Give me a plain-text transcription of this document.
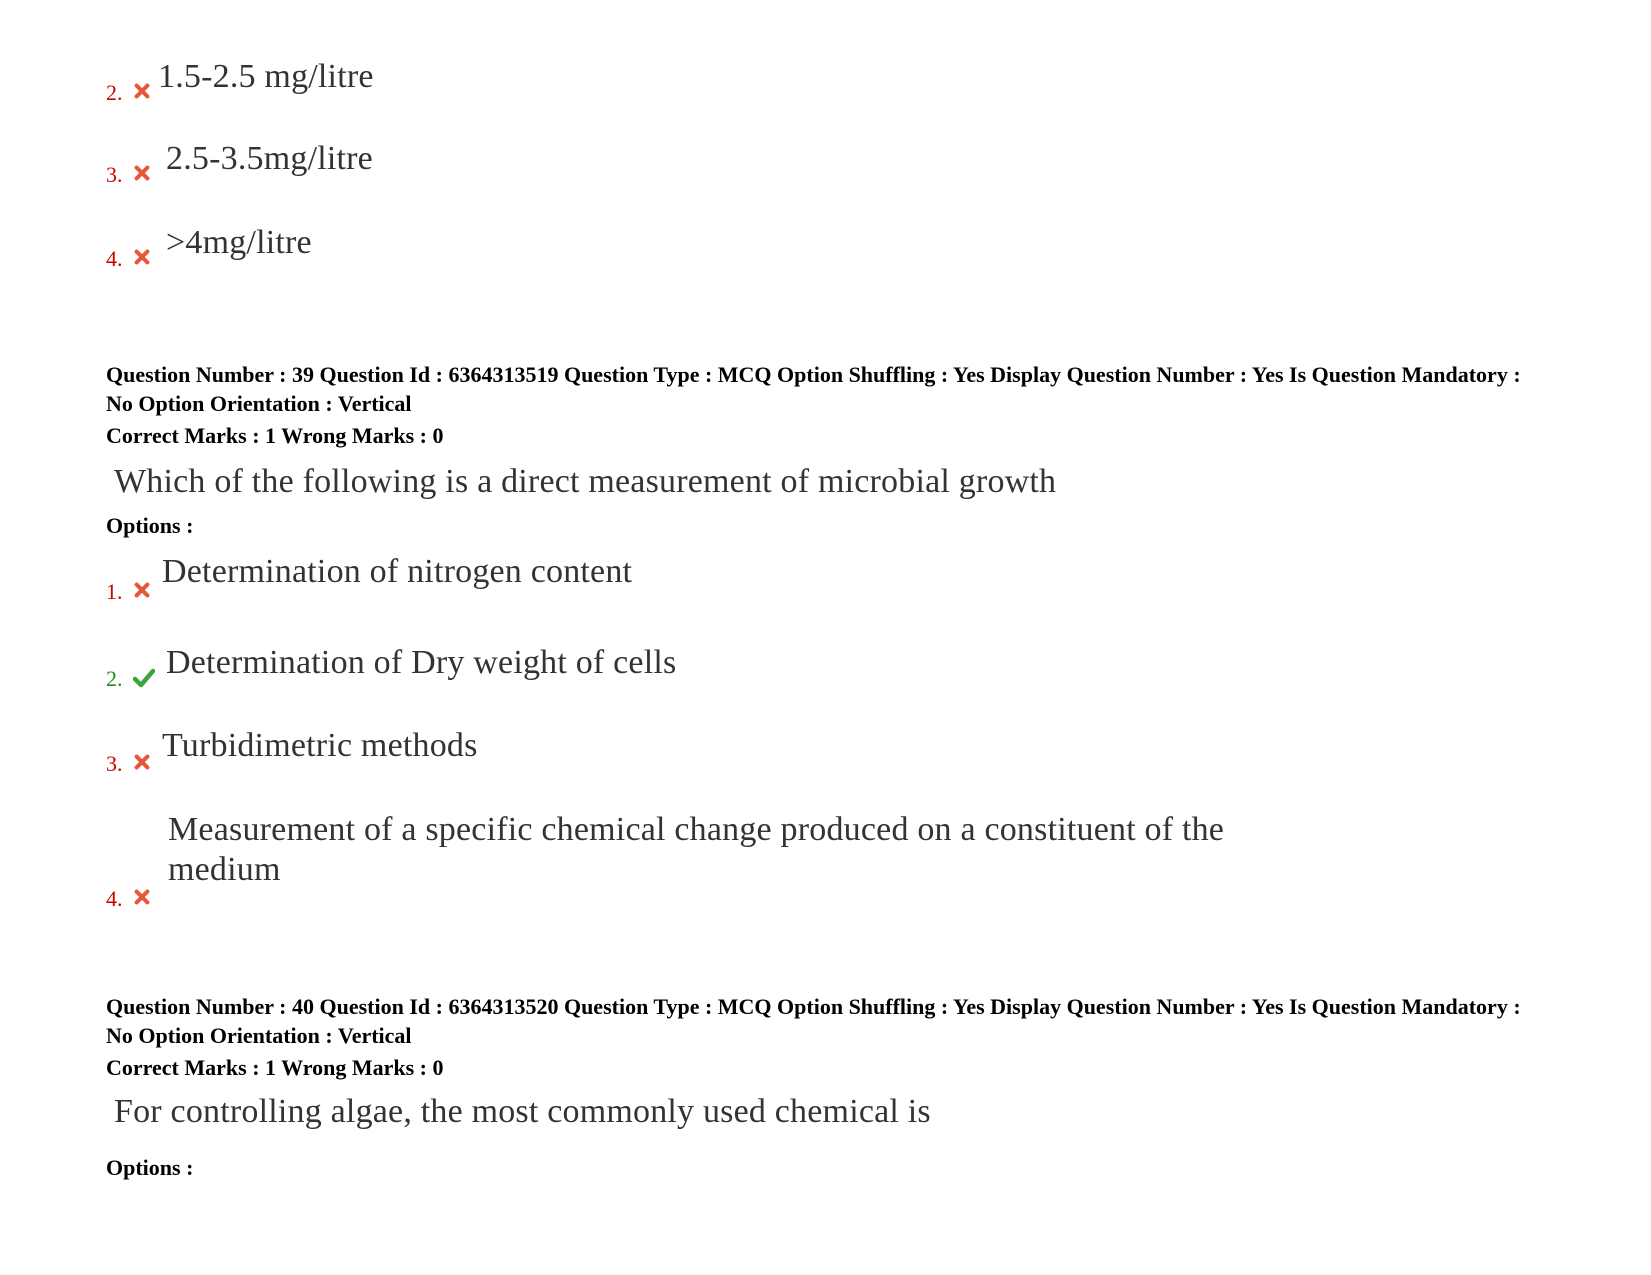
2. 1.5-2.5 mg/litre
3. 2.5-3.5mg/litre
4. >4mg/litre
Question Number : 39 Question Id : 6364313519 Question Type : MCQ Option Shuffling : Yes Display Question Number : Yes Is Question Mandatory : No Option Orientation : Vertical
Correct Marks : 1 Wrong Marks : 0
Which of the following is a direct measurement of microbial growth
Options :
1.
Determination of nitrogen content
2. Determination of Dry weight of cells
3. Turbidimetric methods
4.
Measurement of a specific chemical change produced on a constituent of the medium
Question Number : 40 Question Id : 6364313520 Question Type : MCQ Option Shuffling : Yes Display Question Number : Yes Is Question Mandatory : No Option Orientation : Vertical
Correct Marks : 1 Wrong Marks : 0
For controlling algae, the most commonly used chemical is
Options :
